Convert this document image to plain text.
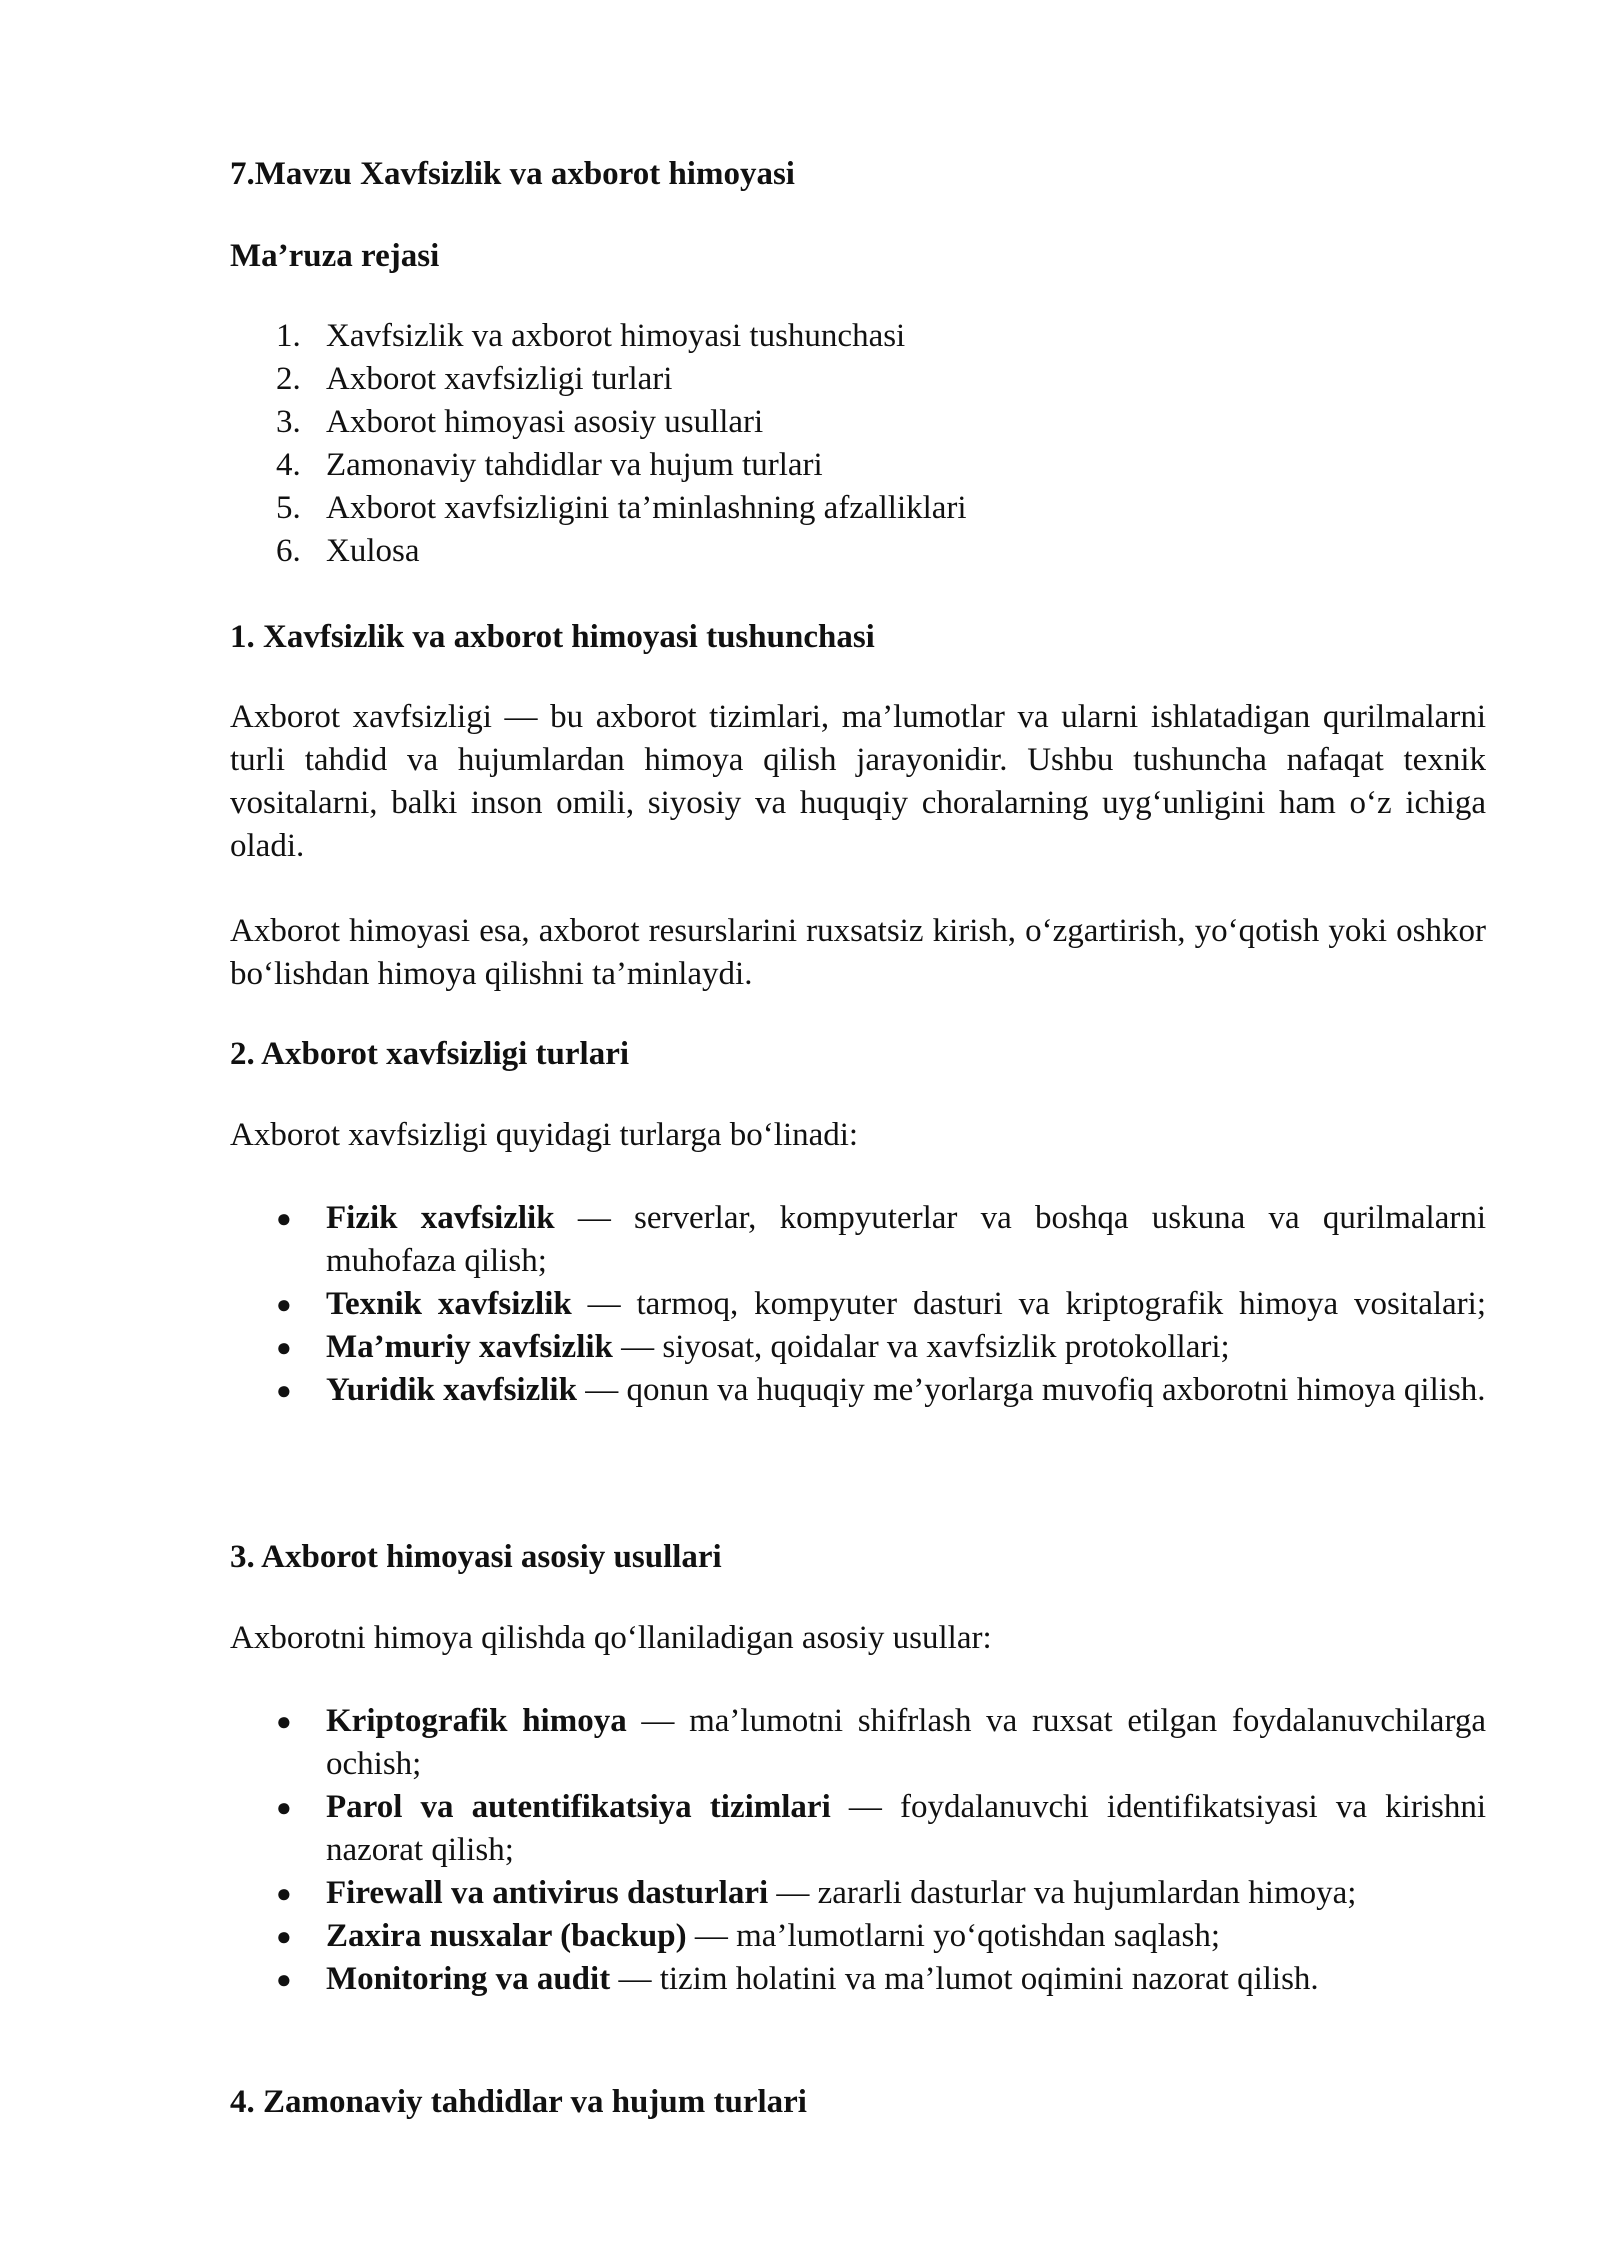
7.Mavzu Xavfsizlik va axborot himoyasi
Ma’ruza rejasi
1. Xavfsizlik va axborot himoyasi tushunchasi
2. Axborot xavfsizligi turlari
3. Axborot himoyasi asosiy usullari
4. Zamonaviy tahdidlar va hujum turlari
5. Axborot xavfsizligini ta’minlashning afzalliklari
6. Xulosa
1. Xavfsizlik va axborot himoyasi tushunchasi

Axborot xavfsizligi — bu axborot tizimlari, ma’lumotlar va ularni ishlatadigan qurilmalarni turli tahdid va hujumlardan himoya qilish jarayonidir. Ushbu tushuncha nafaqat texnik vositalarni, balki inson omili, siyosiy va huquqiy choralarning uyg‘unligini ham o‘z ichiga oladi.

Axborot himoyasi esa, axborot resurslarini ruxsatsiz kirish, o‘zgartirish, yo‘qotish yoki oshkor bo‘lishdan himoya qilishni ta’minlaydi.

2. Axborot xavfsizligi turlari

Axborot xavfsizligi quyidagi turlarga bo‘linadi:

● Fizik xavfsizlik — serverlar, kompyuterlar va boshqa uskuna va qurilmalarni muhofaza qilish;
● Texnik xavfsizlik — tarmoq, kompyuter dasturi va kriptografik himoya vositalari;
● Ma’muriy xavfsizlik — siyosat, qoidalar va xavfsizlik protokollari;
● Yuridik xavfsizlik — qonun va huquqiy me’yorlarga muvofiq axborotni himoya qilish.
3. Axborot himoyasi asosiy usullari

Axborotni himoya qilishda qo‘llaniladigan asosiy usullar:

● Kriptografik himoya — ma’lumotni shifrlash va ruxsat etilgan foydalanuvchilarga ochish;
● Parol va autentifikatsiya tizimlari — foydalanuvchi identifikatsiyasi va kirishni nazorat qilish;
● Firewall va antivirus dasturlari — zararli dasturlar va hujumlardan himoya;
● Zaxira nusxalar (backup) — ma’lumotlarni yo‘qotishdan saqlash;
● Monitoring va audit — tizim holatini va ma’lumot oqimini nazorat qilish.
4. Zamonaviy tahdidlar va hujum turlari
